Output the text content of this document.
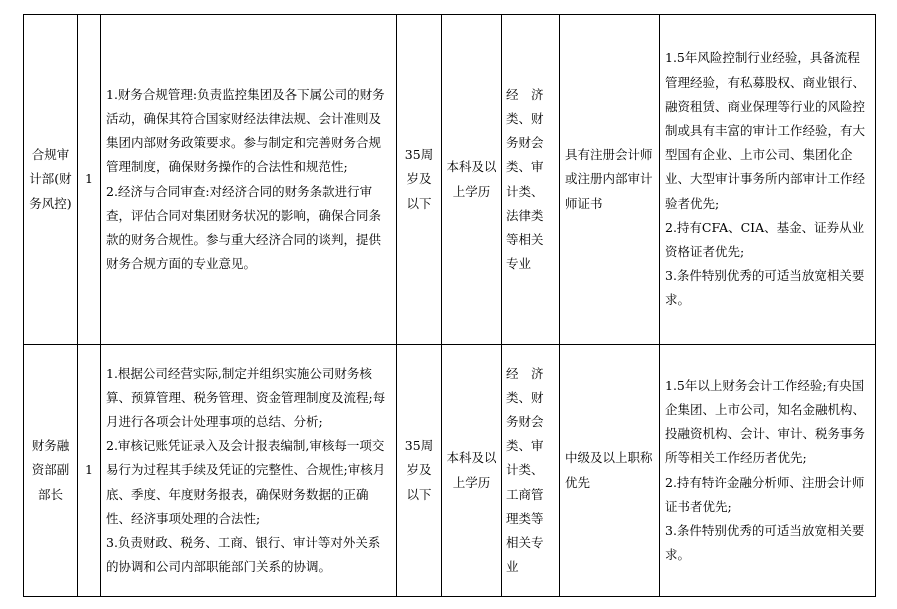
合规审计部(财务风控)	1	1.财务合规管理:负责监控集团及各下属公司的财务活动，确保其符合国家财经法律法规、会计准则及集团内部财务政策要求。参与制定和完善财务合规管理制度，确保财务操作的合法性和规范性;
2.经济与合同审查:对经济合同的财务条款进行审查，评估合同对集团财务状况的影响，确保合同条款的财务合规性。参与重大经济合同的谈判，提供财务合规方面的专业意见。	35周岁及以下	本科及以上学历	经　济类、财务财会类、审计类、法律类等相关专业	具有注册会计师或注册内部审计师证书	1.5年风险控制行业经验，具备流程管理经验，有私募股权、商业银行、融资租赁、商业保理等行业的风险控制或具有丰富的审计工作经验，有大型国有企业、上市公司、集团化企业、大型审计事务所内部审计工作经验者优先;
2.持有CFA、CIA、基金、证券从业资格证者优先;
3.条件特别优秀的可适当放宽相关要求。

财务融资部副部长	1	1.根据公司经营实际,制定并组织实施公司财务核算、预算管理、税务管理、资金管理制度及流程;每月进行各项会计处理事项的总结、分析;
2.审核记账凭证录入及会计报表编制,审核每一项交易行为过程其手续及凭证的完整性、合规性;审核月底、季度、年度财务报表，确保财务数据的正确性、经济事项处理的合法性;
3.负责财政、税务、工商、银行、审计等对外关系的协调和公司内部职能部门关系的协调。	35周岁及以下	本科及以上学历	经　济类、财务财会类、审计类、工商管理类等相关专业	中级及以上职称优先	1.5年以上财务会计工作经验;有央国企集团、上市公司，知名金融机构、投融资机构、会计、审计、税务事务所等相关工作经历者优先;
2.持有特许金融分析师、注册会计师证书者优先;
3.条件特别优秀的可适当放宽相关要求。
